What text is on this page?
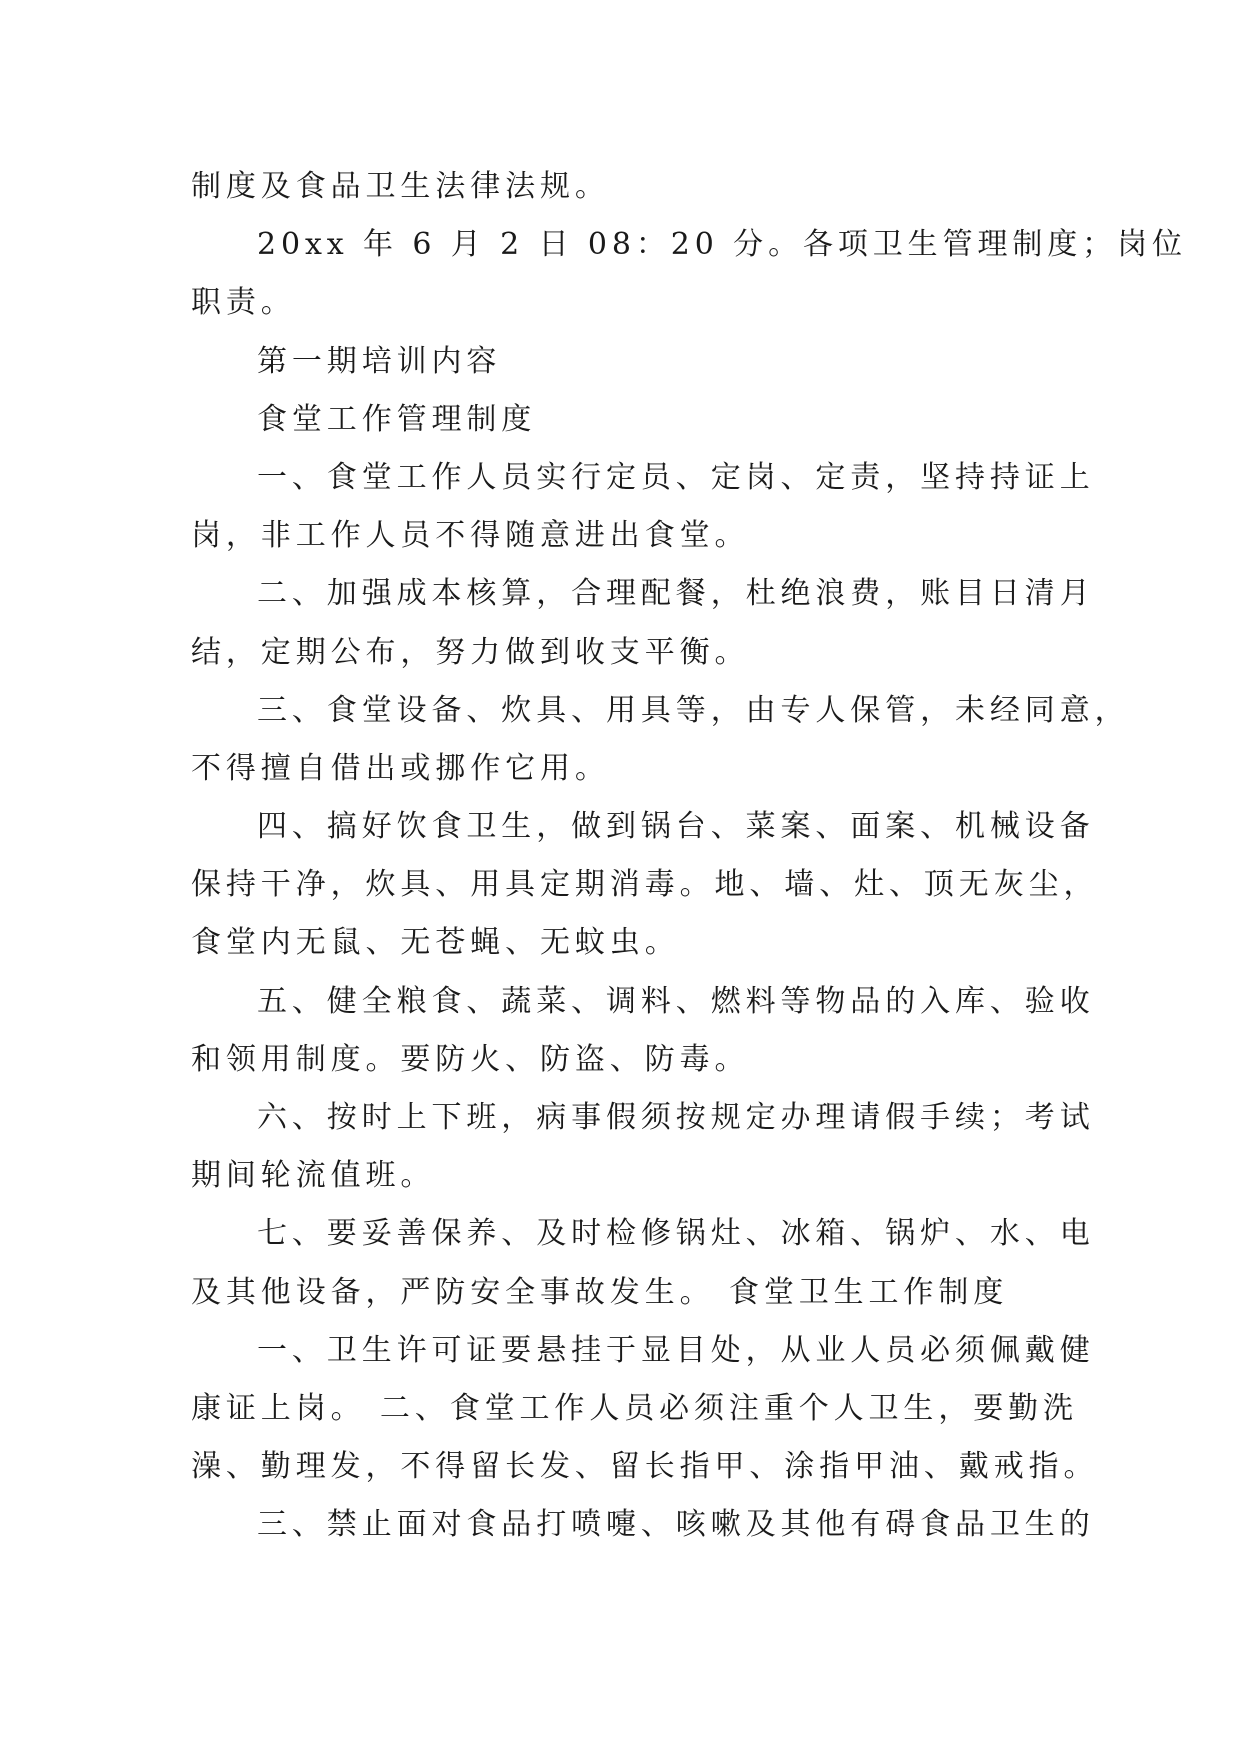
制度及食品卫生法律法规。

20xx 年 6 月 2 日 08：20 分。各项卫生管理制度；岗位

职责。

第一期培训内容

食堂工作管理制度

一、食堂工作人员实行定员、定岗、定责，坚持持证上

岗，非工作人员不得随意进出食堂。

二、加强成本核算，合理配餐，杜绝浪费，账目日清月

结，定期公布，努力做到收支平衡。

三、食堂设备、炊具、用具等，由专人保管，未经同意，

不得擅自借出或挪作它用。

四、搞好饮食卫生，做到锅台、菜案、面案、机械设备

保持干净，炊具、用具定期消毒。地、墙、灶、顶无灰尘，

食堂内无鼠、无苍蝇、无蚊虫。

五、健全粮食、蔬菜、调料、燃料等物品的入库、验收

和领用制度。要防火、防盗、防毒。

六、按时上下班，病事假须按规定办理请假手续；考试

期间轮流值班。

七、要妥善保养、及时检修锅灶、冰箱、锅炉、水、电

及其他设备，严防安全事故发生。 食堂卫生工作制度

一、卫生许可证要悬挂于显目处，从业人员必须佩戴健

康证上岗。 二、食堂工作人员必须注重个人卫生，要勤洗

澡、勤理发，不得留长发、留长指甲、涂指甲油、戴戒指。

三、禁止面对食品打喷嚏、咳嗽及其他有碍食品卫生的
